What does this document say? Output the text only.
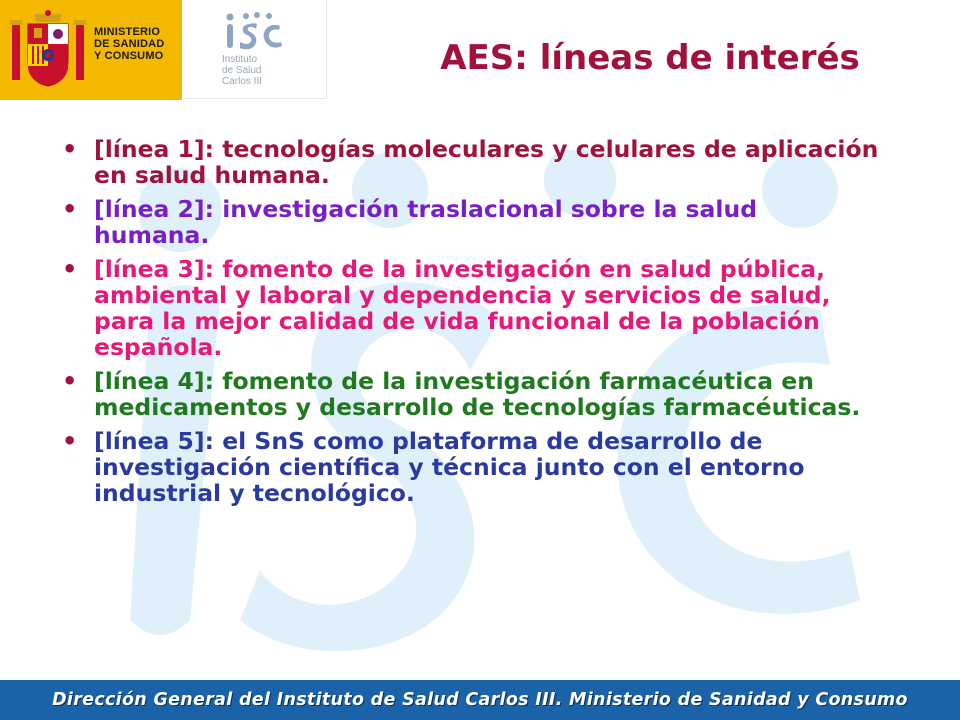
MINISTERIO
DE SANIDAD
Y CONSUMO	Instituto
de Salud
Carlos III
AES: líneas de interés
• [línea 1]: tecnologías moleculares y celulares de aplicación en salud humana.
• [línea 2]: investigación traslacional sobre la salud humana.
• [línea 3]: fomento de la investigación en salud pública, ambiental y laboral y dependencia y servicios de salud, para la mejor calidad de vida funcional de la población española.
• [línea 4]: fomento de la investigación farmacéutica en medicamentos y desarrollo de tecnologías farmacéuticas.
• [línea 5]: el SnS como plataforma de desarrollo de investigación científica y técnica junto con el entorno industrial y tecnológico.
Dirección General del Instituto de Salud Carlos III. Ministerio de Sanidad y Consumo
